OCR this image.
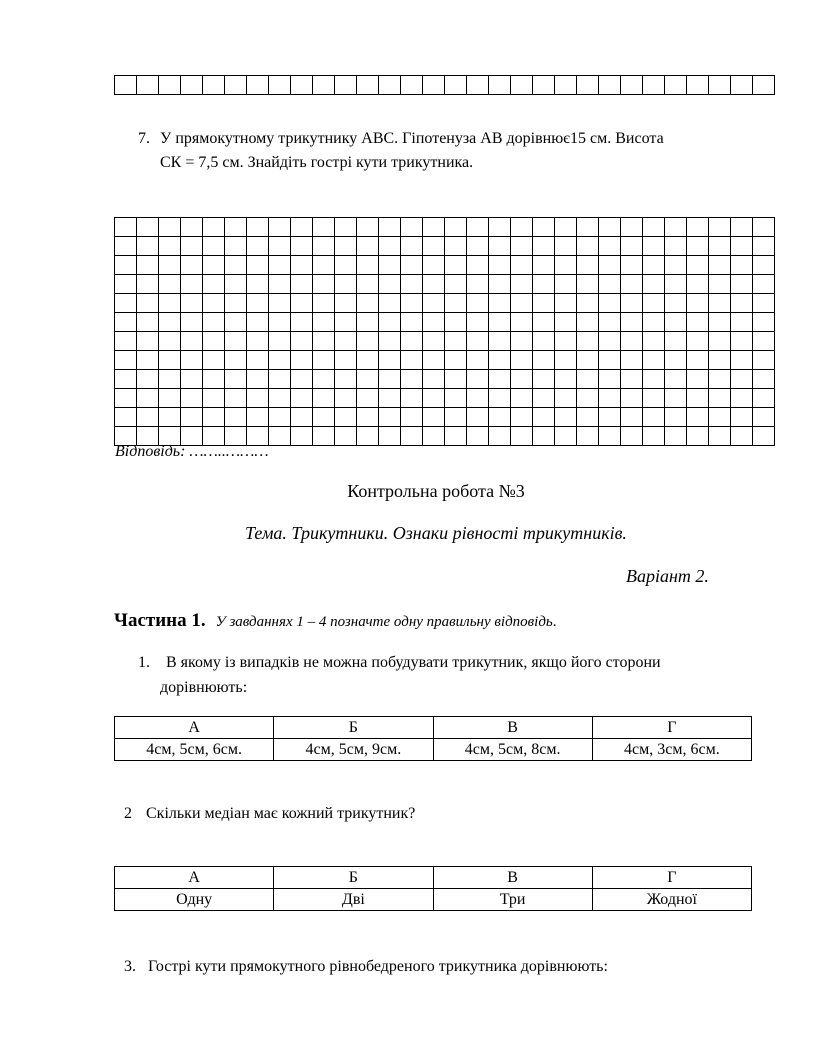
7. У прямокутному трикутнику АВС. Гіпотенуза АВ дорівнює15 см. Висота
СК = 7,5 см. Знайдіть гострі кути трикутника.

Відповідь: ……..………
Контрольна робота №3
Тема. Трикутники. Ознаки рівності трикутників.
Варіант 2.
Частина 1. У завданнях 1 – 4 позначте одну правильну відповідь.
1. В якому із випадків не можна побудувати трикутник, якщо його сторони
дорівнюють:
А	Б	В	Г
4см, 5см, 6см.	4см, 5см, 9см.	4см, 5см, 8см.	4см, 3см, 6см.
2 Скільки медіан має кожний трикутник?
А	Б	В	Г
Одну	Дві	Три	Жодної
3. Гострі кути прямокутного рівнобедреного трикутника дорівнюють:
